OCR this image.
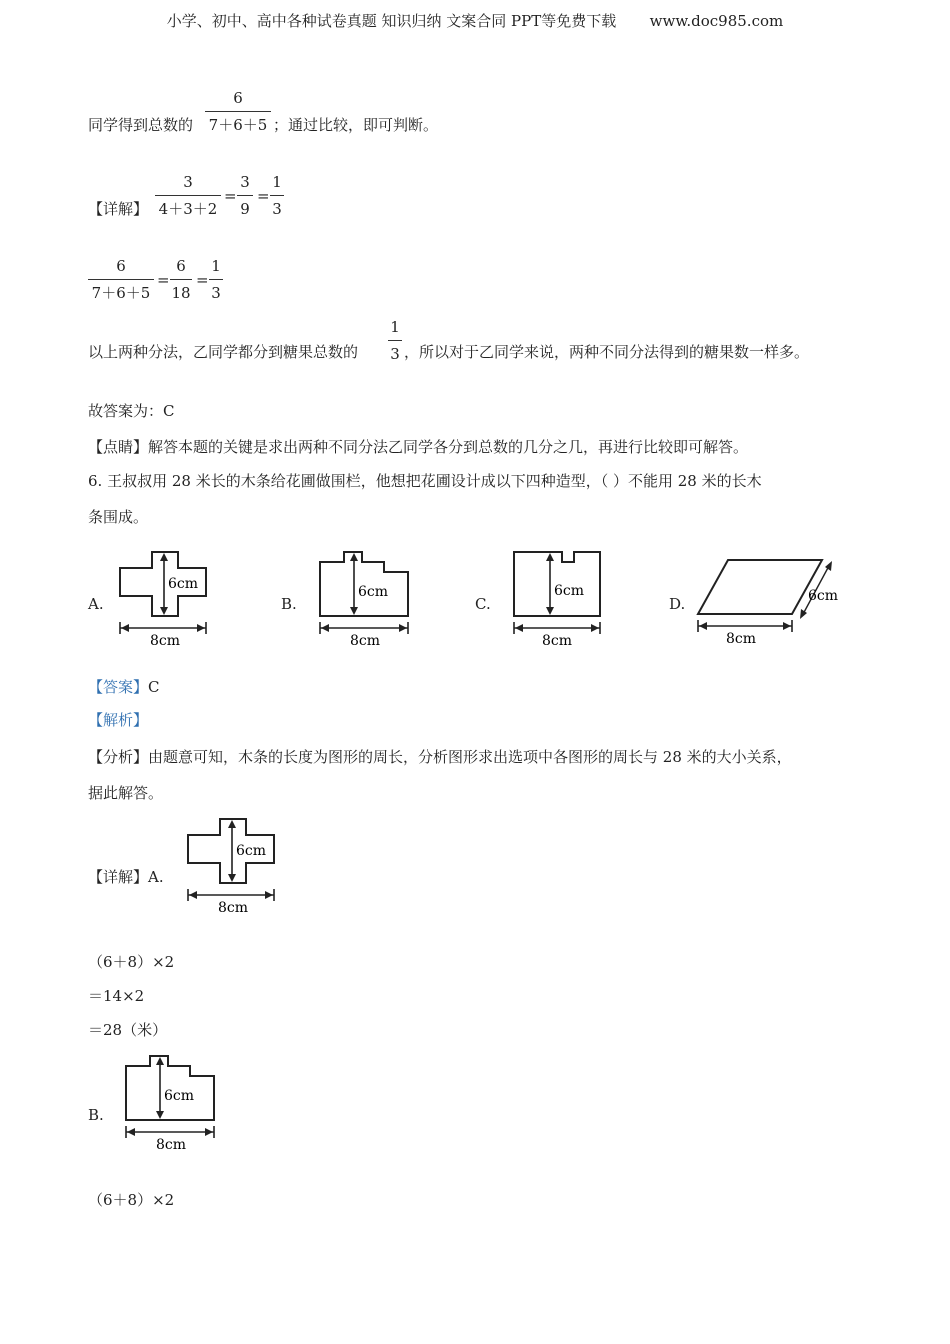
小学、初中、高中各种试卷真题 知识归纳 文案合同 PPT等免费下载 www.doc985.com
同学得到总数的
6
7＋6＋5 ；通过比较，即可判断。
【详解】
3
4＋3＋2
=
3
9
=
1
3
6
7＋6＋5
=
6
18
=
1
3
以上两种分法，乙同学都分到糖果总数的
1
3 ，所以对于乙同学来说，两种不同分法得到的糖果数一样多。
故答案为：C
【点睛】解答本题的关键是求出两种不同分法乙同学各分到总数的几分之几，再进行比较即可解答。
6. 王叔叔用 28 米长的木条给花圃做围栏，他想把花圃设计成以下四种造型，（ ）不能用 28 米的长木
条围成。
A.
6cm
8cm
B.
6cm
8cm
C.
6cm
8cm
D.	6cm
8cm
【答案】C
【解析】
【分析】由题意可知，木条的长度为图形的周长，分析图形求出选项中各图形的周长与 28 米的大小关系，
据此解答。
【详解】A.
6cm
8cm
（6＋8）×2
＝14×2
＝28（米）
B.
6cm
8cm
（6＋8）×2
